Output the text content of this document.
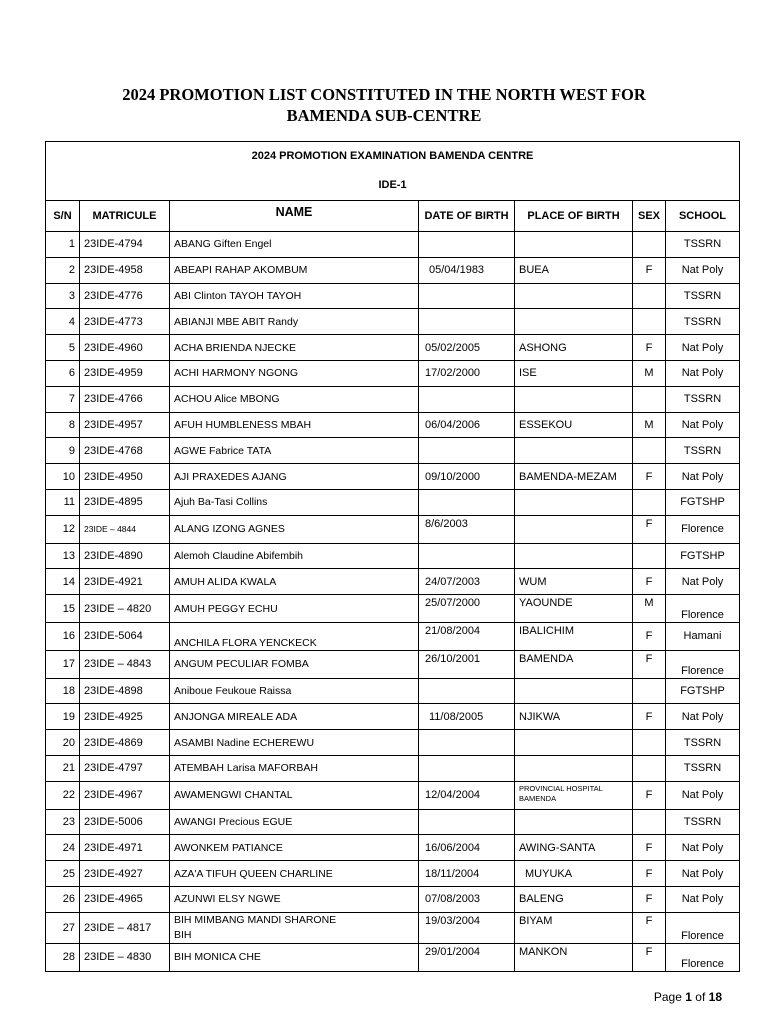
2024 PROMOTION LIST CONSTITUTED IN THE NORTH WEST FOR
BAMENDA SUB-CENTRE
2024 PROMOTION EXAMINATION BAMENDA CENTRE
IDE-1						

S/N	MATRICULE	NAME	DATE OF BIRTH	PLACE OF BIRTH	SEX	SCHOOL
1	23IDE-4794	ABANG Giften Engel				TSSRN
2	23IDE-4958	ABEAPI RAHAP AKOMBUM	05/04/1983	BUEA	F	Nat Poly
3	23IDE-4776	ABI Clinton TAYOH TAYOH				TSSRN
4	23IDE-4773	ABIANJI MBE ABIT Randy				TSSRN
5	23IDE-4960	ACHA BRIENDA NJECKE	05/02/2005	ASHONG	F	Nat Poly
6	23IDE-4959	ACHI HARMONY NGONG	17/02/2000	ISE	M	Nat Poly
7	23IDE-4766	ACHOU Alice MBONG				TSSRN
8	23IDE-4957	AFUH HUMBLENESS MBAH	06/04/2006	ESSEKOU	M	Nat Poly
9	23IDE-4768	AGWE Fabrice TATA				TSSRN
10	23IDE-4950	AJI PRAXEDES AJANG	09/10/2000	BAMENDA-MEZAM	F	Nat Poly
11	23IDE-4895	Ajuh Ba-Tasi Collins				FGTSHP
12	23IDE – 4844	ALANG IZONG AGNES	8/6/2003		F	Florence
13	23IDE-4890	Alemoh Claudine Abifembih				FGTSHP
14	23IDE-4921	AMUH ALIDA KWALA	24/07/2003	WUM	F	Nat Poly
15	23IDE – 4820	AMUH PEGGY ECHU	25/07/2000	YAOUNDE	M	Florence
16	23IDE-5064	ANCHILA FLORA YENCKECK	21/08/2004	IBALICHIM	F	Hamani
17	23IDE – 4843	ANGUM PECULIAR FOMBA	26/10/2001	BAMENDA	F	Florence
18	23IDE-4898	Aniboue Feukoue Raissa				FGTSHP
19	23IDE-4925	ANJONGA MIREALE ADA	11/08/2005	NJIKWA	F	Nat Poly
20	23IDE-4869	ASAMBI Nadine ECHEREWU				TSSRN
21	23IDE-4797	ATEMBAH Larisa MAFORBAH				TSSRN
22	23IDE-4967	AWAMENGWI CHANTAL	12/04/2004	PROVINCIAL HOSPITAL
BAMENDA	F	Nat Poly
23	23IDE-5006	AWANGI Precious EGUE				TSSRN
24	23IDE-4971	AWONKEM PATIANCE	16/06/2004	AWING-SANTA	F	Nat Poly
25	23IDE-4927	AZA'A TIFUH QUEEN CHARLINE	18/11/2004	MUYUKA	F	Nat Poly
26	23IDE-4965	AZUNWI ELSY NGWE	07/08/2003	BALENG	F	Nat Poly
27	23IDE – 4817	BIH MIMBANG MANDI SHARONE
BIH	19/03/2004	BIYAM	F	Florence
28	23IDE – 4830	BIH MONICA CHE	29/01/2004	MANKON	F	Florence
Page 1 of 18
